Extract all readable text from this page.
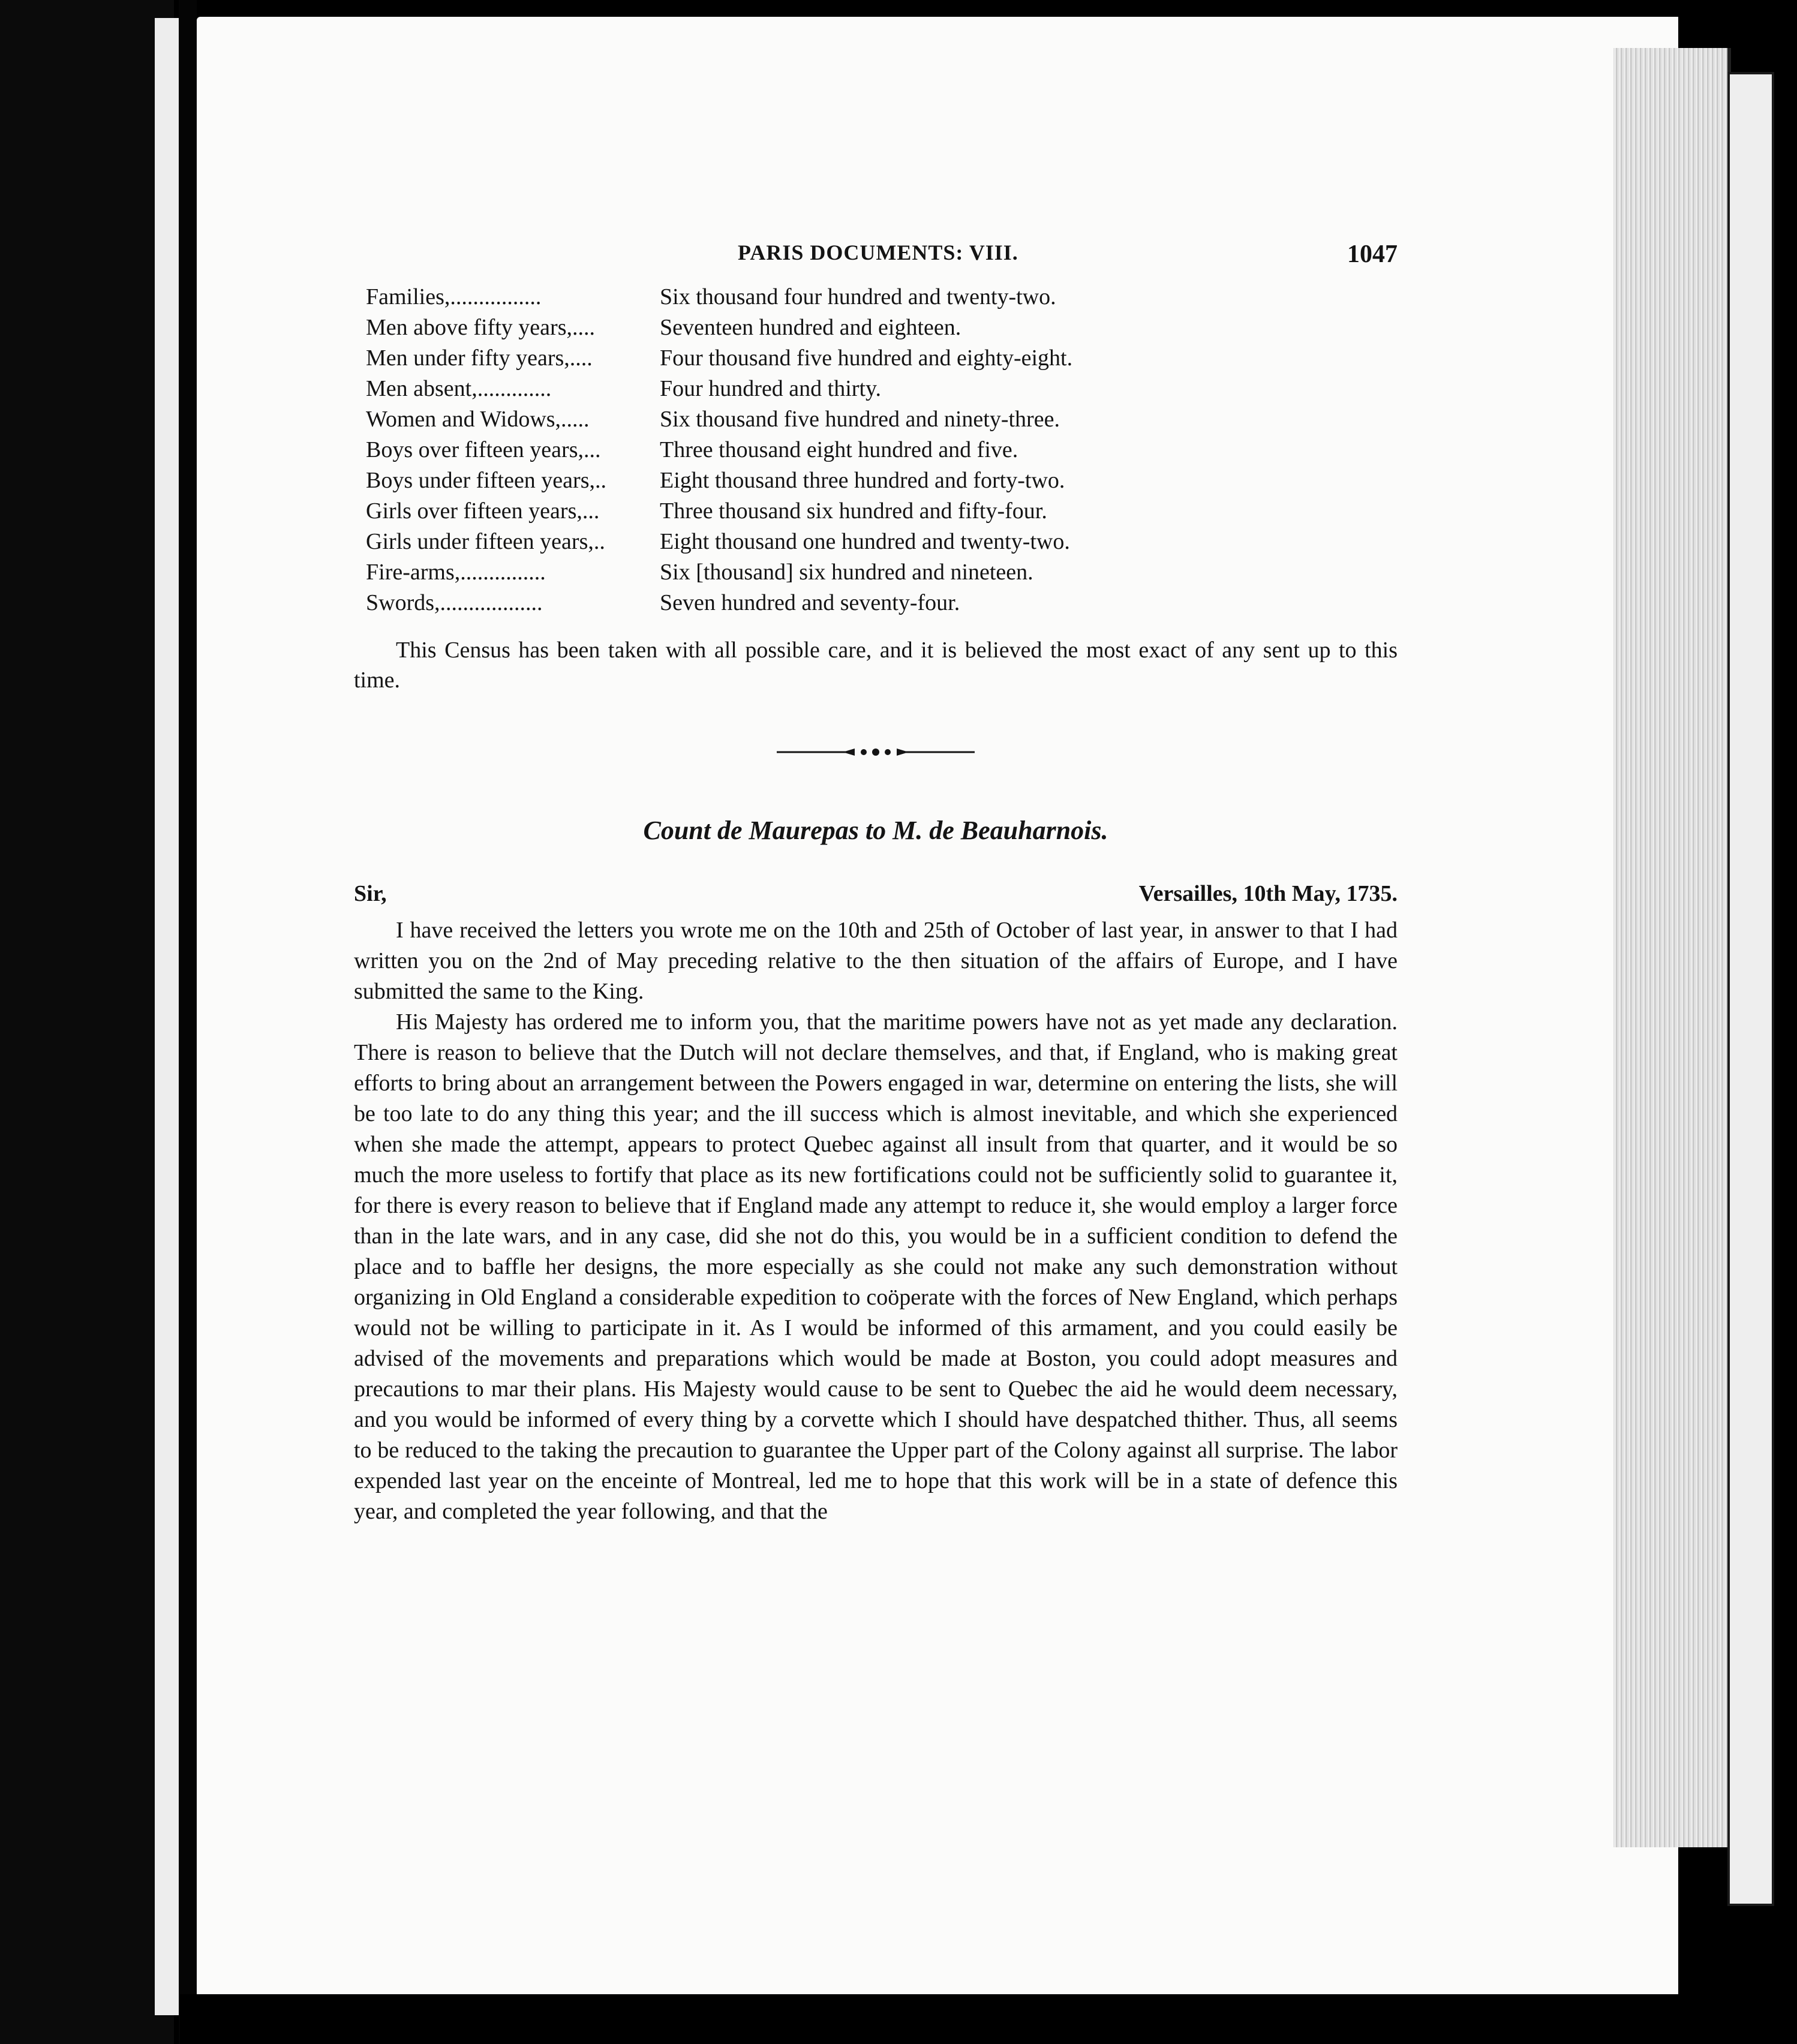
PARIS DOCUMENTS: VIII.	1047
Families,................	Six thousand four hundred and twenty-two.
Men above fifty years,....	Seventeen hundred and eighteen.
Men under fifty years,....	Four thousand five hundred and eighty-eight.
Men absent,.............	Four hundred and thirty.
Women and Widows,.....	Six thousand five hundred and ninety-three.
Boys over fifteen years,...	Three thousand eight hundred and five.
Boys under fifteen years,..	Eight thousand three hundred and forty-two.
Girls over fifteen years,...	Three thousand six hundred and fifty-four.
Girls under fifteen years,..	Eight thousand one hundred and twenty-two.
Fire-arms,...............	Six [thousand] six hundred and nineteen.
Swords,..................	Seven hundred and seventy-four.

This Census has been taken with all possible care, and it is believed the most exact of any sent up to this time.

Count de Maurepas to M. de Beauharnois.
Sir,	Versailles, 10th May, 1735.

I have received the letters you wrote me on the 10th and 25th of October of last year, in answer to that I had written you on the 2nd of May preceding relative to the then situation of the affairs of Europe, and I have submitted the same to the King.

His Majesty has ordered me to inform you, that the maritime powers have not as yet made any declaration. There is reason to believe that the Dutch will not declare themselves, and that, if England, who is making great efforts to bring about an arrangement between the Powers engaged in war, determine on entering the lists, she will be too late to do any thing this year; and the ill success which is almost inevitable, and which she experienced when she made the attempt, appears to protect Quebec against all insult from that quarter, and it would be so much the more useless to fortify that place as its new fortifications could not be sufficiently solid to guarantee it, for there is every reason to believe that if England made any attempt to reduce it, she would employ a larger force than in the late wars, and in any case, did she not do this, you would be in a sufficient condition to defend the place and to baffle her designs, the more especially as she could not make any such demonstration without organizing in Old England a considerable expedition to coöperate with the forces of New England, which perhaps would not be willing to participate in it. As I would be informed of this armament, and you could easily be advised of the movements and preparations which would be made at Boston, you could adopt measures and precautions to mar their plans. His Majesty would cause to be sent to Quebec the aid he would deem necessary, and you would be informed of every thing by a corvette which I should have despatched thither. Thus, all seems to be reduced to the taking the precaution to guarantee the Upper part of the Colony against all surprise. The labor expended last year on the enceinte of Montreal, led me to hope that this work will be in a state of defence this year, and completed the year following, and that the
